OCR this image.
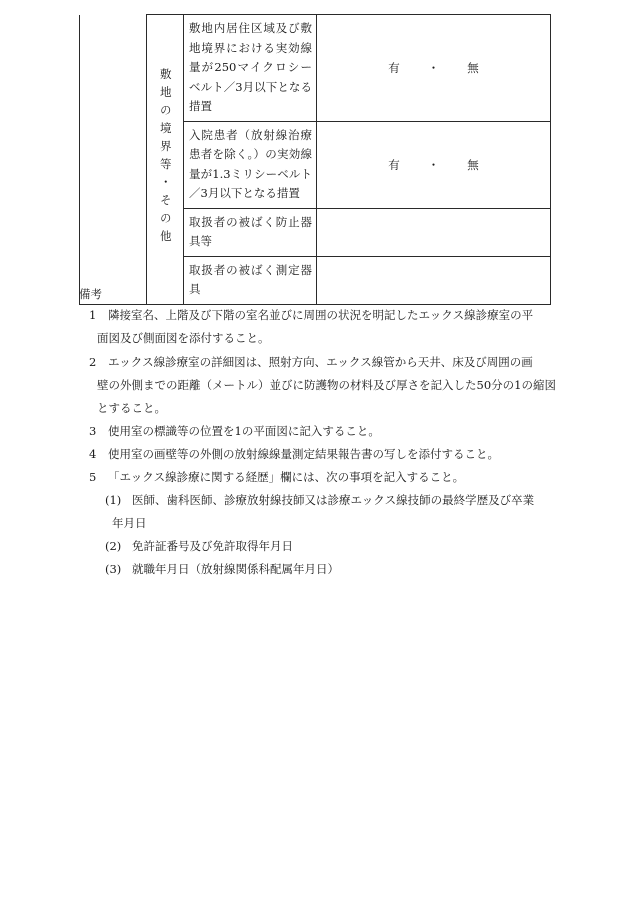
	敷地の境界等・その他	敷地内居住区域及び敷地境界における実効線量が250マイクロシーベルト／3月以下となる措置	有 ・ 無

		入院患者（放射線治療患者を除く。）の実効線量が1.3ミリシーベルト／3月以下となる措置	有 ・ 無

		取扱者の被ばく防止器具等	
		取扱者の被ばく測定器具	
備考
1 隣接室名、上階及び下階の室名並びに周囲の状況を明記したエックス線診療室の平
面図及び側面図を添付すること。
2 エックス線診療室の詳細図は、照射方向、エックス線管から天井、床及び周囲の画
壁の外側までの距離（メートル）並びに防護物の材料及び厚さを記入した50分の1の縮図
とすること。
3 使用室の標識等の位置を1の平面図に記入すること。
4 使用室の画壁等の外側の放射線線量測定結果報告書の写しを添付すること。
5 「エックス線診療に関する経歴」欄には、次の事項を記入すること。
(1) 医師、歯科医師、診療放射線技師又は診療エックス線技師の最終学歴及び卒業
年月日
(2) 免許証番号及び免許取得年月日
(3) 就職年月日（放射線関係科配属年月日）
